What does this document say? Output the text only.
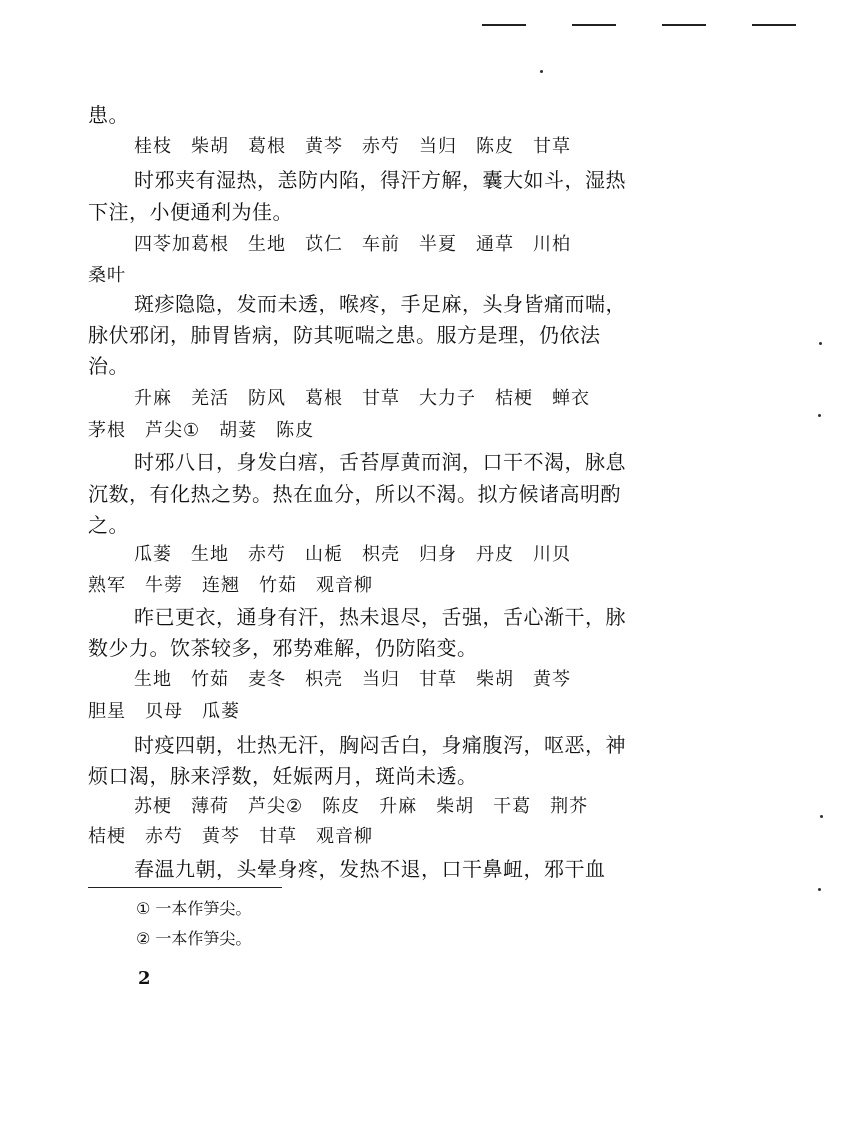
患。
桂枝　柴胡　葛根　黄芩　赤芍　当归　陈皮　甘草
时邪夹有湿热，恙防内陷，得汗方解，囊大如斗，湿热
下注，小便通利为佳。
四苓加葛根　生地　苡仁　车前　半夏　通草　川柏
桑叶
斑疹隐隐，发而未透，喉疼，手足麻，头身皆痛而喘，
脉伏邪闭，肺胃皆病，防其呃喘之患。服方是理，仍依法
治。
升麻　羌活　防风　葛根　甘草　大力子　桔梗　蝉衣
茅根　芦尖①　胡荽　陈皮
时邪八日，身发白痦，舌苔厚黄而润，口干不渴，脉息
沉数，有化热之势。热在血分，所以不渴。拟方候诸高明酌
之。
瓜蒌　生地　赤芍　山栀　枳壳　归身　丹皮　川贝
熟军　牛蒡　连翘　竹茹　观音柳
昨已更衣，通身有汗，热未退尽，舌强，舌心渐干，脉
数少力。饮茶较多，邪势难解，仍防陷变。
生地　竹茹　麦冬　枳壳　当归　甘草　柴胡　黄芩
胆星　贝母　瓜蒌
时疫四朝，壮热无汗，胸闷舌白，身痛腹泻，呕恶，神
烦口渴，脉来浮数，妊娠两月，斑尚未透。
苏梗　薄荷　芦尖②　陈皮　升麻　柴胡　干葛　荆芥
桔梗　赤芍　黄芩　甘草　观音柳
春温九朝，头晕身疼，发热不退，口干鼻衄，邪干血
① 一本作笋尖。
② 一本作笋尖。
2
